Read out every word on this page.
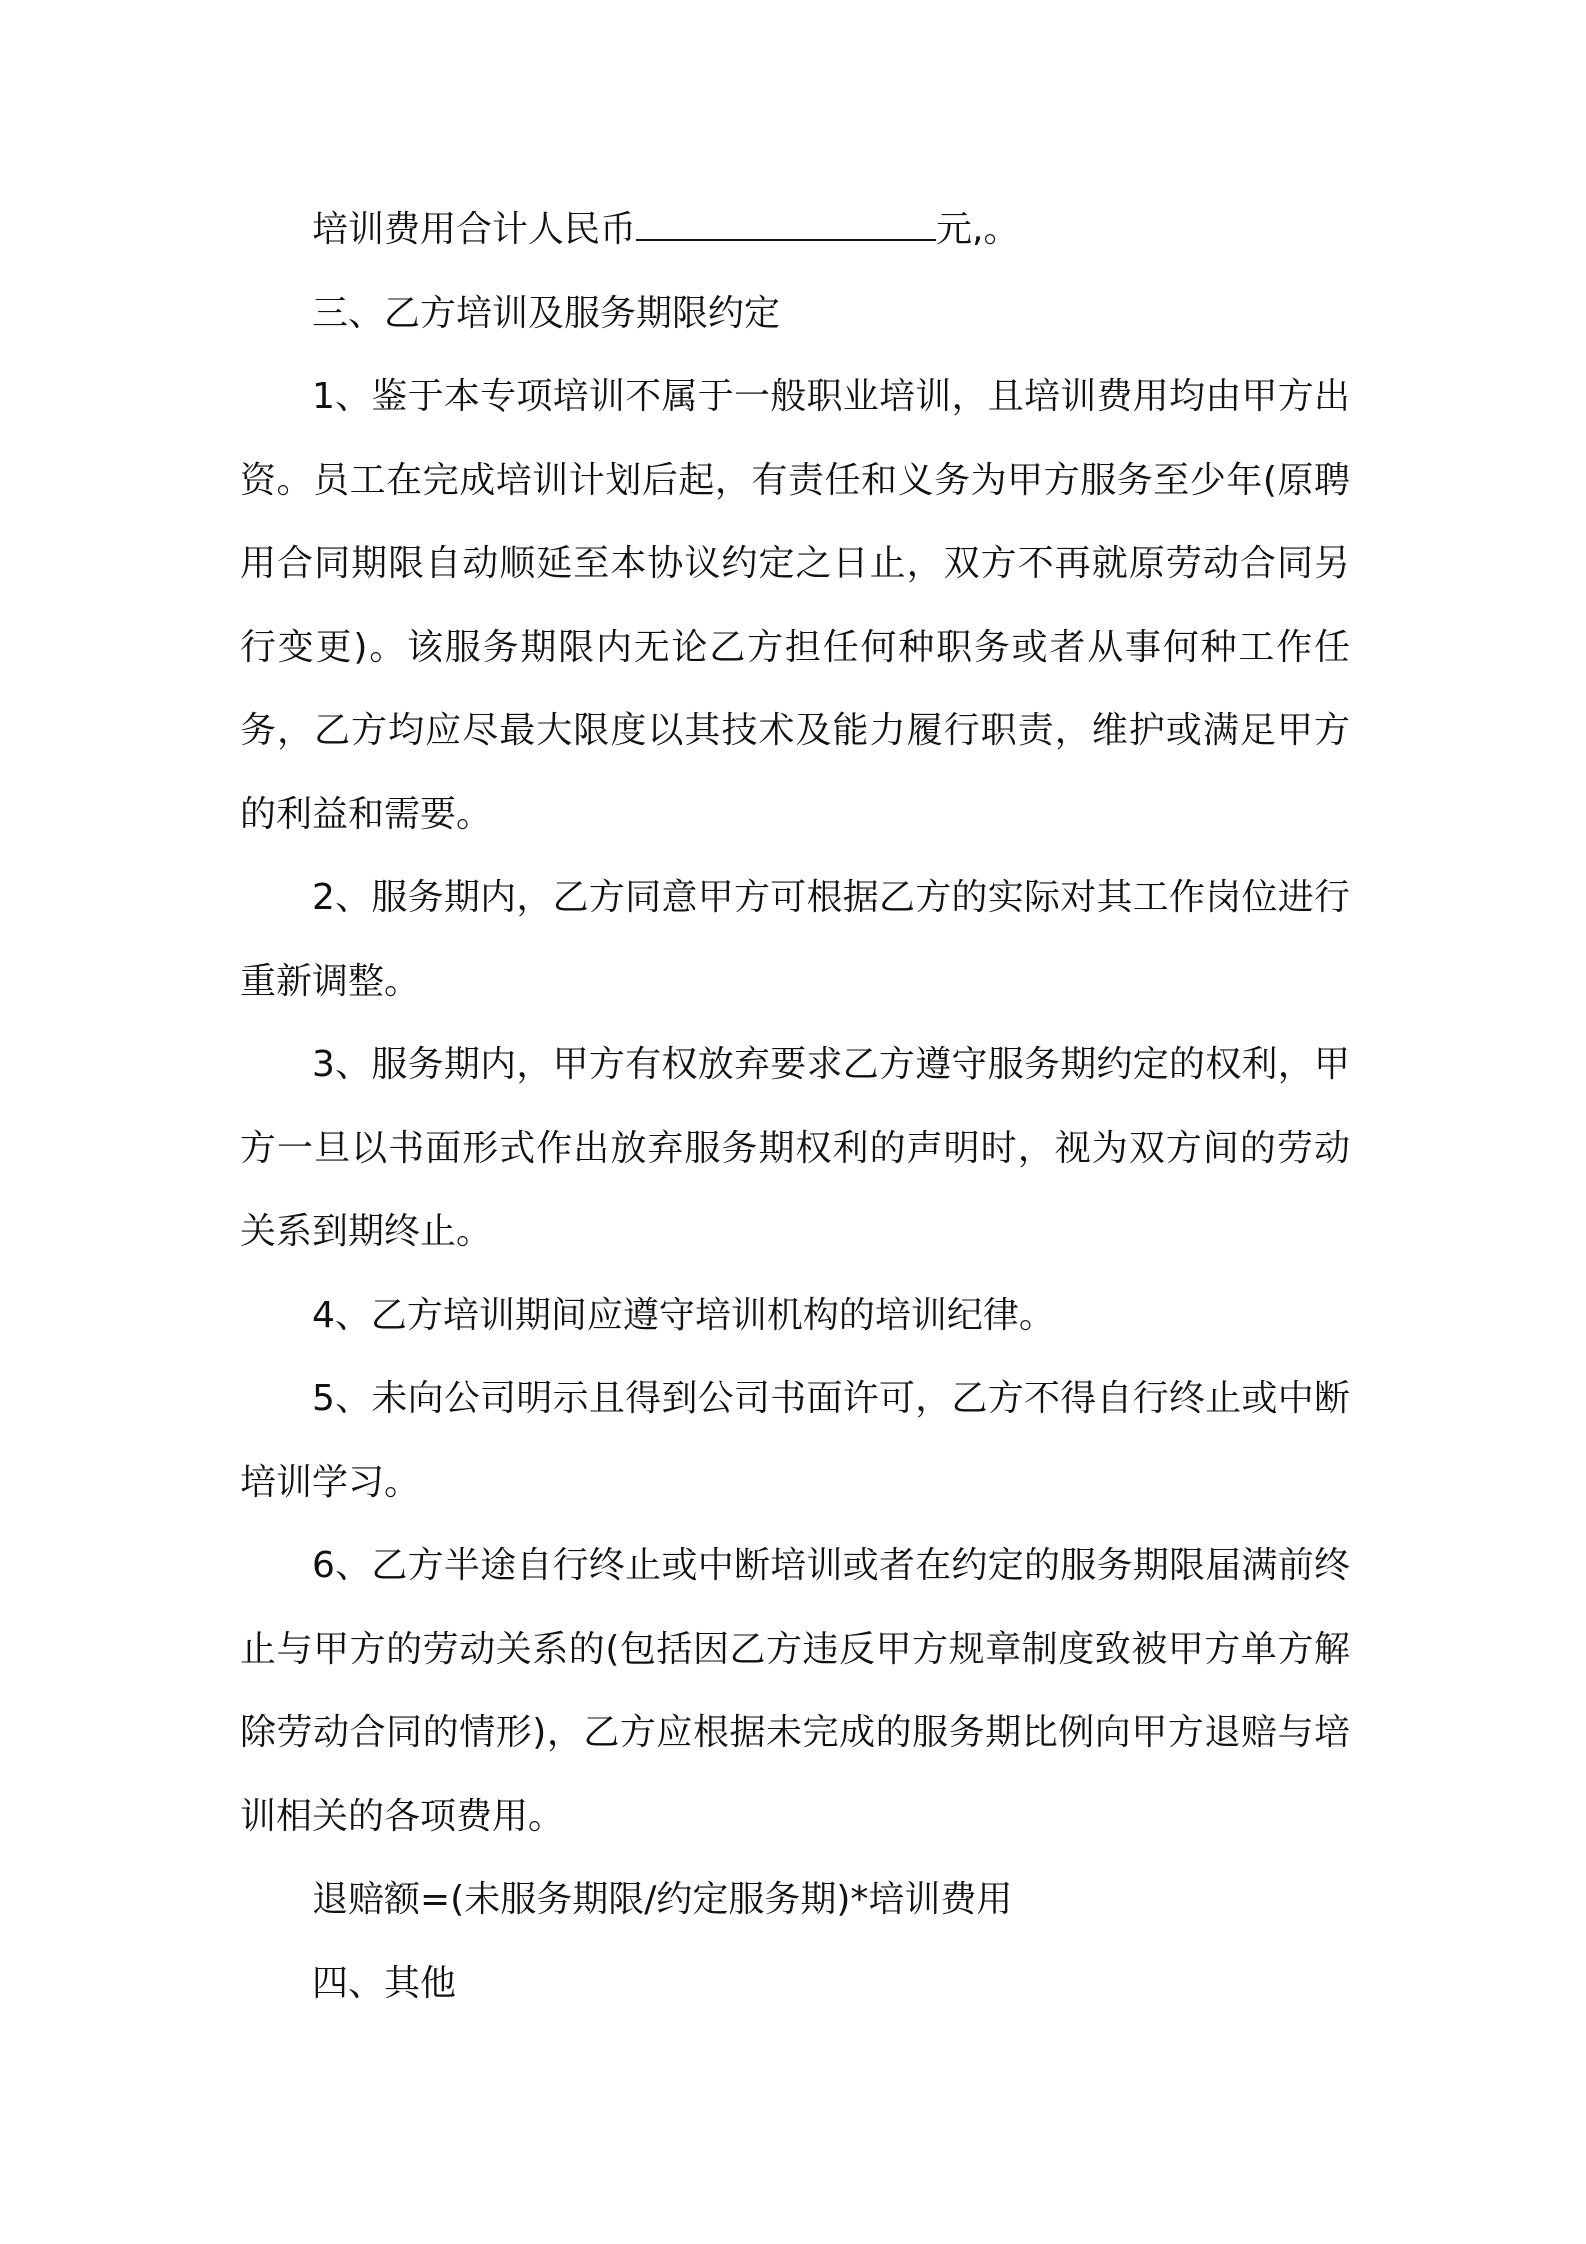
培训费用合计人民币	元,。

三、乙方培训及服务期限约定

1、鉴于本专项培训不属于一般职业培训，且培训费用均由甲方出资。员工在完成培训计划后起，有责任和义务为甲方服务至少年(原聘用合同期限自动顺延至本协议约定之日止，双方不再就原劳动合同另行变更)。该服务期限内无论乙方担任何种职务或者从事何种工作任务，乙方均应尽最大限度以其技术及能力履行职责，维护或满足甲方的利益和需要。

2、服务期内，乙方同意甲方可根据乙方的实际对其工作岗位进行重新调整。

3、服务期内，甲方有权放弃要求乙方遵守服务期约定的权利，甲方一旦以书面形式作出放弃服务期权利的声明时，视为双方间的劳动关系到期终止。

4、乙方培训期间应遵守培训机构的培训纪律。

5、未向公司明示且得到公司书面许可，乙方不得自行终止或中断培训学习。

6、乙方半途自行终止或中断培训或者在约定的服务期限届满前终止与甲方的劳动关系的(包括因乙方违反甲方规章制度致被甲方单方解除劳动合同的情形)，乙方应根据未完成的服务期比例向甲方退赔与培训相关的各项费用。

退赔额=(未服务期限/约定服务期)*培训费用

四、其他
